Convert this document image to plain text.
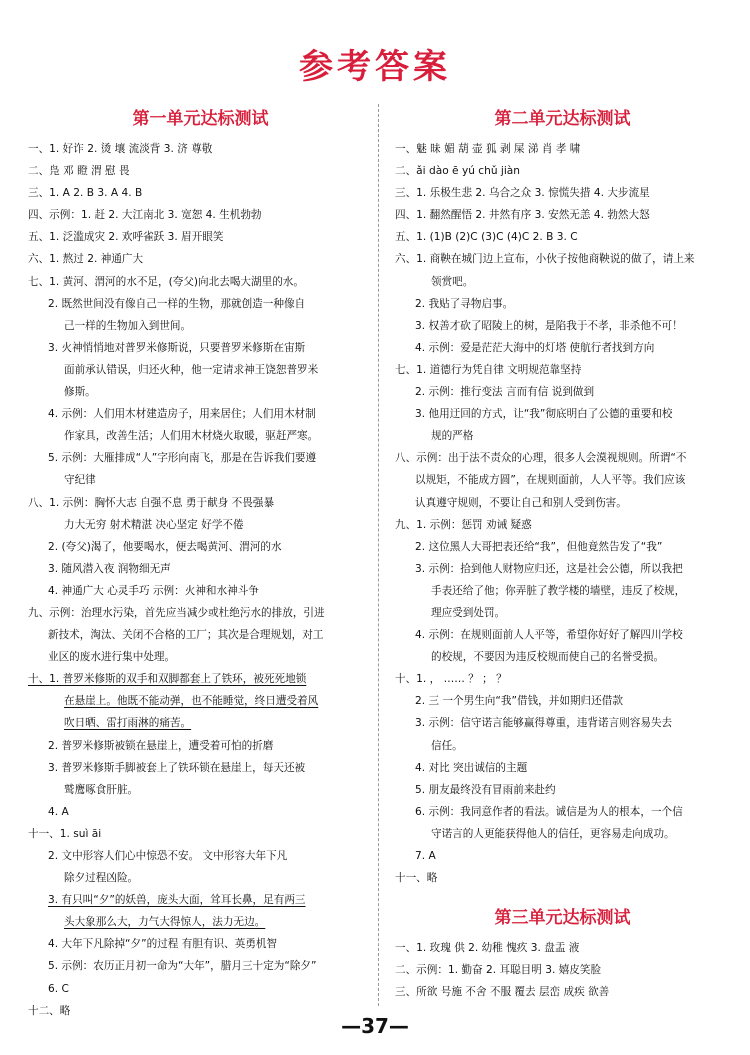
参考答案
第一单元达标测试
一、1. 好诈 2. 烫 壤 流淡背 3. 济 尊敬
二、凫 邓 瞪 渭 慰 畏
三、1. A 2. B 3. A 4. B
四、示例：1. 赶 2. 大江南北 3. 宽恕 4. 生机勃勃
五、1. 泛滥成灾 2. 欢呼雀跃 3. 眉开眼笑
六、1. 熬过 2. 神通广大
七、1. 黄河、渭河的水不足，(夸父)向北去喝大湖里的水。
2. 既然世间没有像自己一样的生物，那就创造一种像自
己一样的生物加入到世间。
3. 火神悄悄地对普罗米修斯说，只要普罗米修斯在宙斯
面前承认错误，归还火种，他一定请求神王饶恕普罗米
修斯。
4. 示例：人们用木材建造房子，用来居住；人们用木材制
作家具，改善生活；人们用木材烧火取暖，驱赶严寒。
5. 示例：大雁排成“人”字形向南飞，那是在告诉我们要遵
守纪律
八、1. 示例：胸怀大志 自强不息 勇于献身 不畏强暴
力大无穷 射术精湛 决心坚定 好学不倦
2. (夸父)渴了，他要喝水，便去喝黄河、渭河的水
3. 随风潜入夜 润物细无声
4. 神通广大 心灵手巧 示例：火神和水神斗争
九、示例：治理水污染，首先应当减少或杜绝污水的排放，引进
新技术，淘汰、关闭不合格的工厂；其次是合理规划，对工
业区的废水进行集中处理。
十、1. 普罗米修斯的双手和双脚都套上了铁环，被死死地锁
在悬崖上。他既不能动弹，也不能睡觉，终日遭受着风
吹日晒、雷打雨淋的痛苦。
2. 普罗米修斯被锁在悬崖上，遭受着可怕的折磨
3. 普罗米修斯手脚被套上了铁环锁在悬崖上，每天还被
鹫鹰啄食肝脏。
4. A
十一、1. suì āi
2. 文中形容人们心中惊恐不安。 文中形容大年下凡
除夕过程凶险。
3. 有只叫“夕”的妖兽，庞头大面，耸耳长鼻，足有两三
头大象那么大，力气大得惊人，法力无边。
4. 大年下凡除掉“夕”的过程 有胆有识、英勇机智
5. 示例：农历正月初一命为“大年”，腊月三十定为“除夕”
6. C
十二、略
第二单元达标测试
一、魅 昧 媚 葫 壶 狐 剥 屎 涕 肖 孝 啸
二、ǎi dào ē yú chǔ jiàn
三、1. 乐极生悲 2. 乌合之众 3. 惊慌失措 4. 大步流星
四、1. 翻然醒悟 2. 井然有序 3. 安然无恙 4. 勃然大怒
五、1. (1)B (2)C (3)C (4)C 2. B 3. C
六、1. 商鞅在城门边上宣布，小伙子按他商鞅说的做了，请上来
领赏吧。
2. 我贴了寻物启事。
3. 权善才砍了昭陵上的树，是陷我于不孝，非杀他不可！
4. 示例：爱是茫茫大海中的灯塔 使航行者找到方向
七、1. 道德行为凭自律 文明规范靠坚持
2. 示例：推行变法 言而有信 说到做到
3. 他用迂回的方式，让“我”彻底明白了公德的重要和校
规的严格
八、示例：出于法不责众的心理，很多人会漠视规则。所谓“不
以规矩，不能成方圆”，在规则面前，人人平等。我们应该
认真遵守规则，不要让自己和别人受到伤害。
九、1. 示例：惩罚 劝诫 疑惑
2. 这位黑人大哥把表还给“我”，但他竟然告发了“我”
3. 示例：拾到他人财物应归还，这是社会公德，所以我把
手表还给了他；你弄脏了教学楼的墙壁，违反了校规，
理应受到处罚。
4. 示例：在规则面前人人平等，希望你好好了解四川学校
的校规，不要因为违反校规而使自己的名誉受损。
十、1. ， …… ？ ； ？
2. 三 一个男生向“我”借钱，并如期归还借款
3. 示例：信守诺言能够赢得尊重，违背诺言则容易失去
信任。
4. 对比 突出诚信的主题
5. 朋友最终没有冒雨前来赴约
6. 示例：我同意作者的看法。诚信是为人的根本，一个信
守诺言的人更能获得他人的信任，更容易走向成功。
7. A
十一、略
第三单元达标测试
一、1. 玫瑰 供 2. 幼稚 愧疚 3. 盘盂 液
二、示例：1. 勤奋 2. 耳聪目明 3. 嬉皮笑脸
三、所欲 号施 不舍 不服 覆去 层峦 成疾 欲善
—37—
